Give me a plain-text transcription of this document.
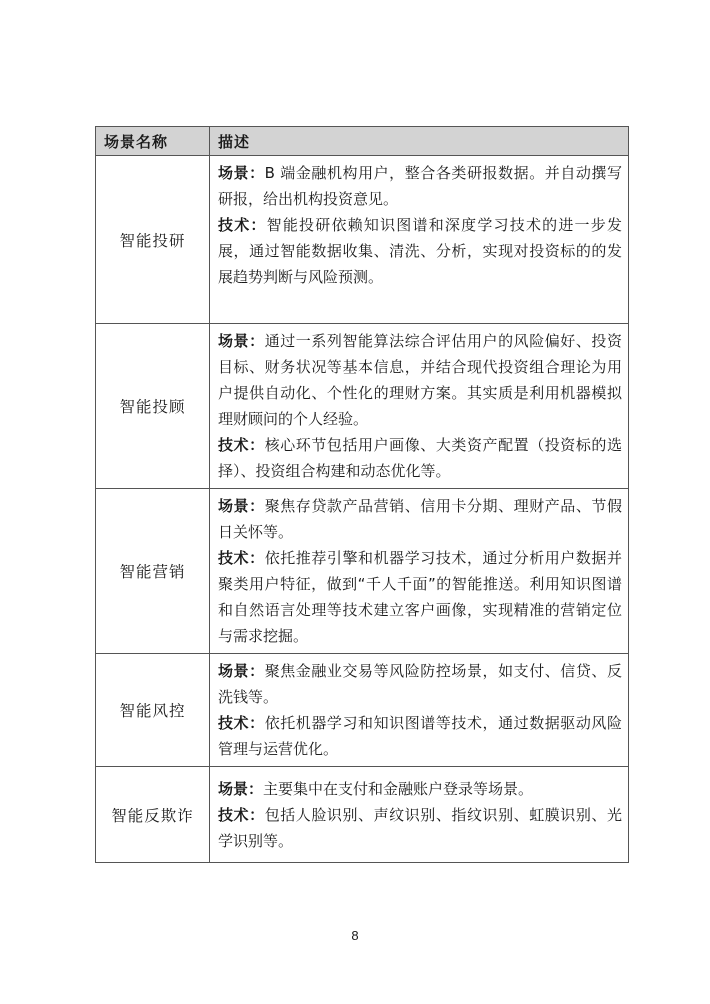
场景名称	描述
智能投研	场景：B 端金融机构用户，整合各类研报数据。并自动撰写研报，给出机构投资意见。

技术：智能投研依赖知识图谱和深度学习技术的进一步发展，通过智能数据收集、清洗、分析，实现对投资标的的发展趋势判断与风险预测。

智能投顾	场景：通过一系列智能算法综合评估用户的风险偏好、投资目标、财务状况等基本信息，并结合现代投资组合理论为用户提供自动化、个性化的理财方案。其实质是利用机器模拟理财顾问的个人经验。

技术：核心环节包括用户画像、大类资产配置（投资标的选择）、投资组合构建和动态优化等。

智能营销	场景：聚焦存贷款产品营销、信用卡分期、理财产品、节假日关怀等。

技术：依托推荐引擎和机器学习技术，通过分析用户数据并聚类用户特征，做到“千人千面”的智能推送。利用知识图谱和自然语言处理等技术建立客户画像，实现精准的营销定位与需求挖掘。

智能风控	场景：聚焦金融业交易等风险防控场景，如支付、信贷、反洗钱等。

技术：依托机器学习和知识图谱等技术，通过数据驱动风险管理与运营优化。

智能反欺诈	场景：主要集中在支付和金融账户登录等场景。

技术：包括人脸识别、声纹识别、指纹识别、虹膜识别、光学识别等。

8
